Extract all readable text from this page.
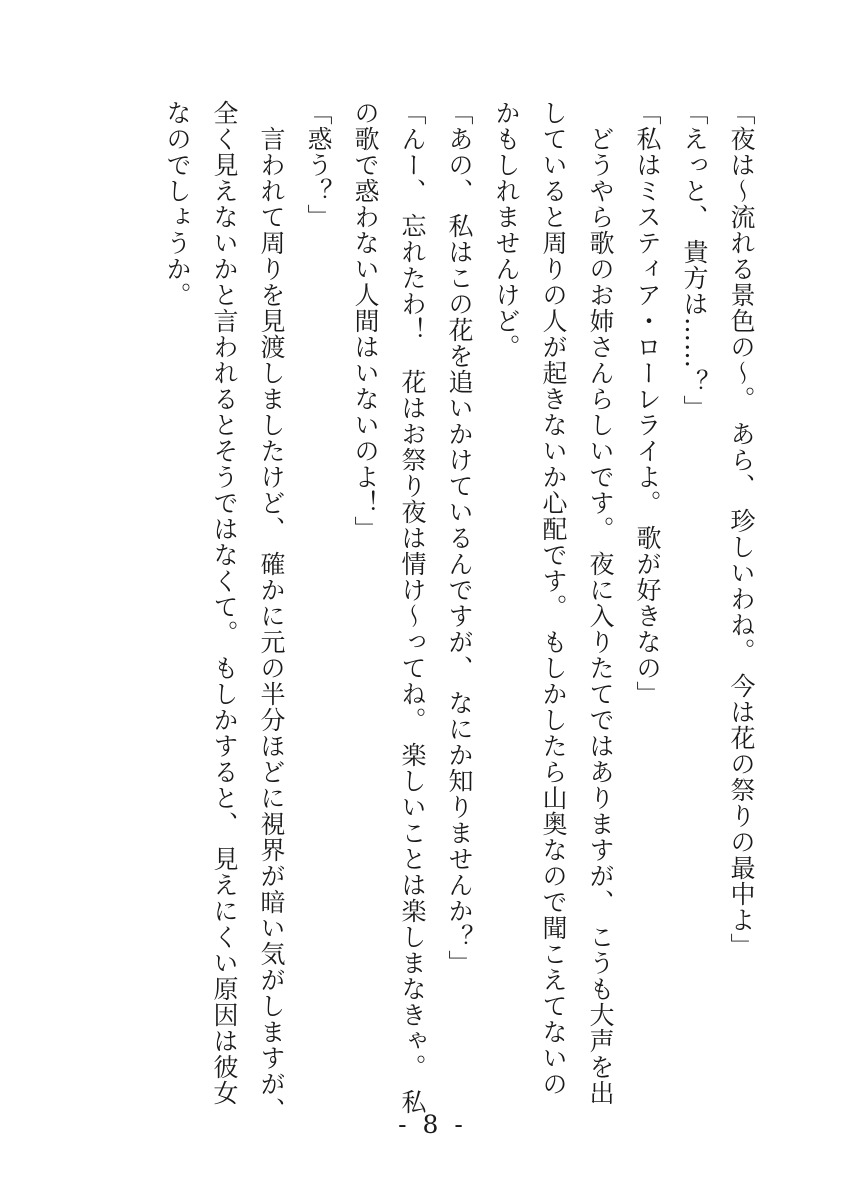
「夜は～流れる景色の～。 あら、 珍しいわね。 今は花の祭りの最中よ」
「えっと、 貴方は……？」
「私はミスティア・ローレライよ。 歌が好きなの」
　どうやら歌のお姉さんらしいです。 夜に入りたてではありますが、 こうも大声を出
していると周りの人が起きないか心配です。 もしかしたら山奥なので聞こえてないの
かもしれませんけど。
「あの、 私はこの花を追いかけているんですが、 なにか知りませんか？」
「んー、 忘れたわ！　花はお祭り夜は情け～ってね。 楽しいことは楽しまなきゃ。 私
の歌で惑わない人間はいないのよ！」
「惑う？」
　言われて周りを見渡しましたけど、 確かに元の半分ほどに視界が暗い気がしますが、
全く見えないかと言われるとそうではなくて。 もしかすると、 見えにくい原因は彼女
なのでしょうか。
- 8 -
